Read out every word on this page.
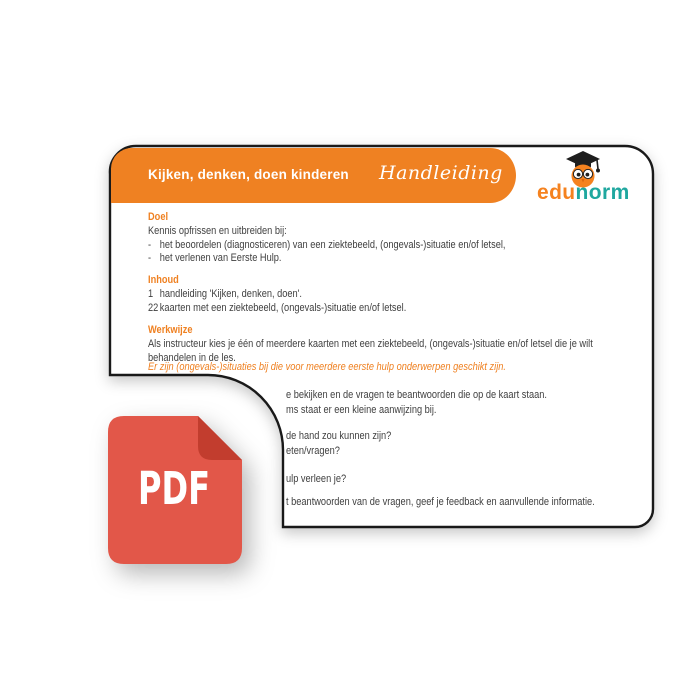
Kijken, denken, doen kinderen Handleiding
edunorm
Doel
Kennis opfrissen en uitbreiden bij:
- het beoordelen (diagnosticeren) van een ziektebeeld, (ongevals-)situatie en/of letsel,
- het verlenen van Eerste Hulp.
Inhoud
1 handleiding 'Kijken, denken, doen'.
22 kaarten met een ziektebeeld, (ongevals-)situatie en/of letsel.
Werkwijze
Als instructeur kies je één of meerdere kaarten met een ziektebeeld, (ongevals-)situatie en/of letsel die je wilt
behandelen in de les.
Er zijn (ongevals-)situaties bij die voor meerdere eerste hulp onderwerpen geschikt zijn.
e bekijken en de vragen te beantwoorden die op de kaart staan.
ms staat er een kleine aanwijzing bij.
de hand zou kunnen zijn?
eten/vragen?
ulp verleen je?
t beantwoorden van de vragen, geef je feedback en aanvullende informatie.
PDF
